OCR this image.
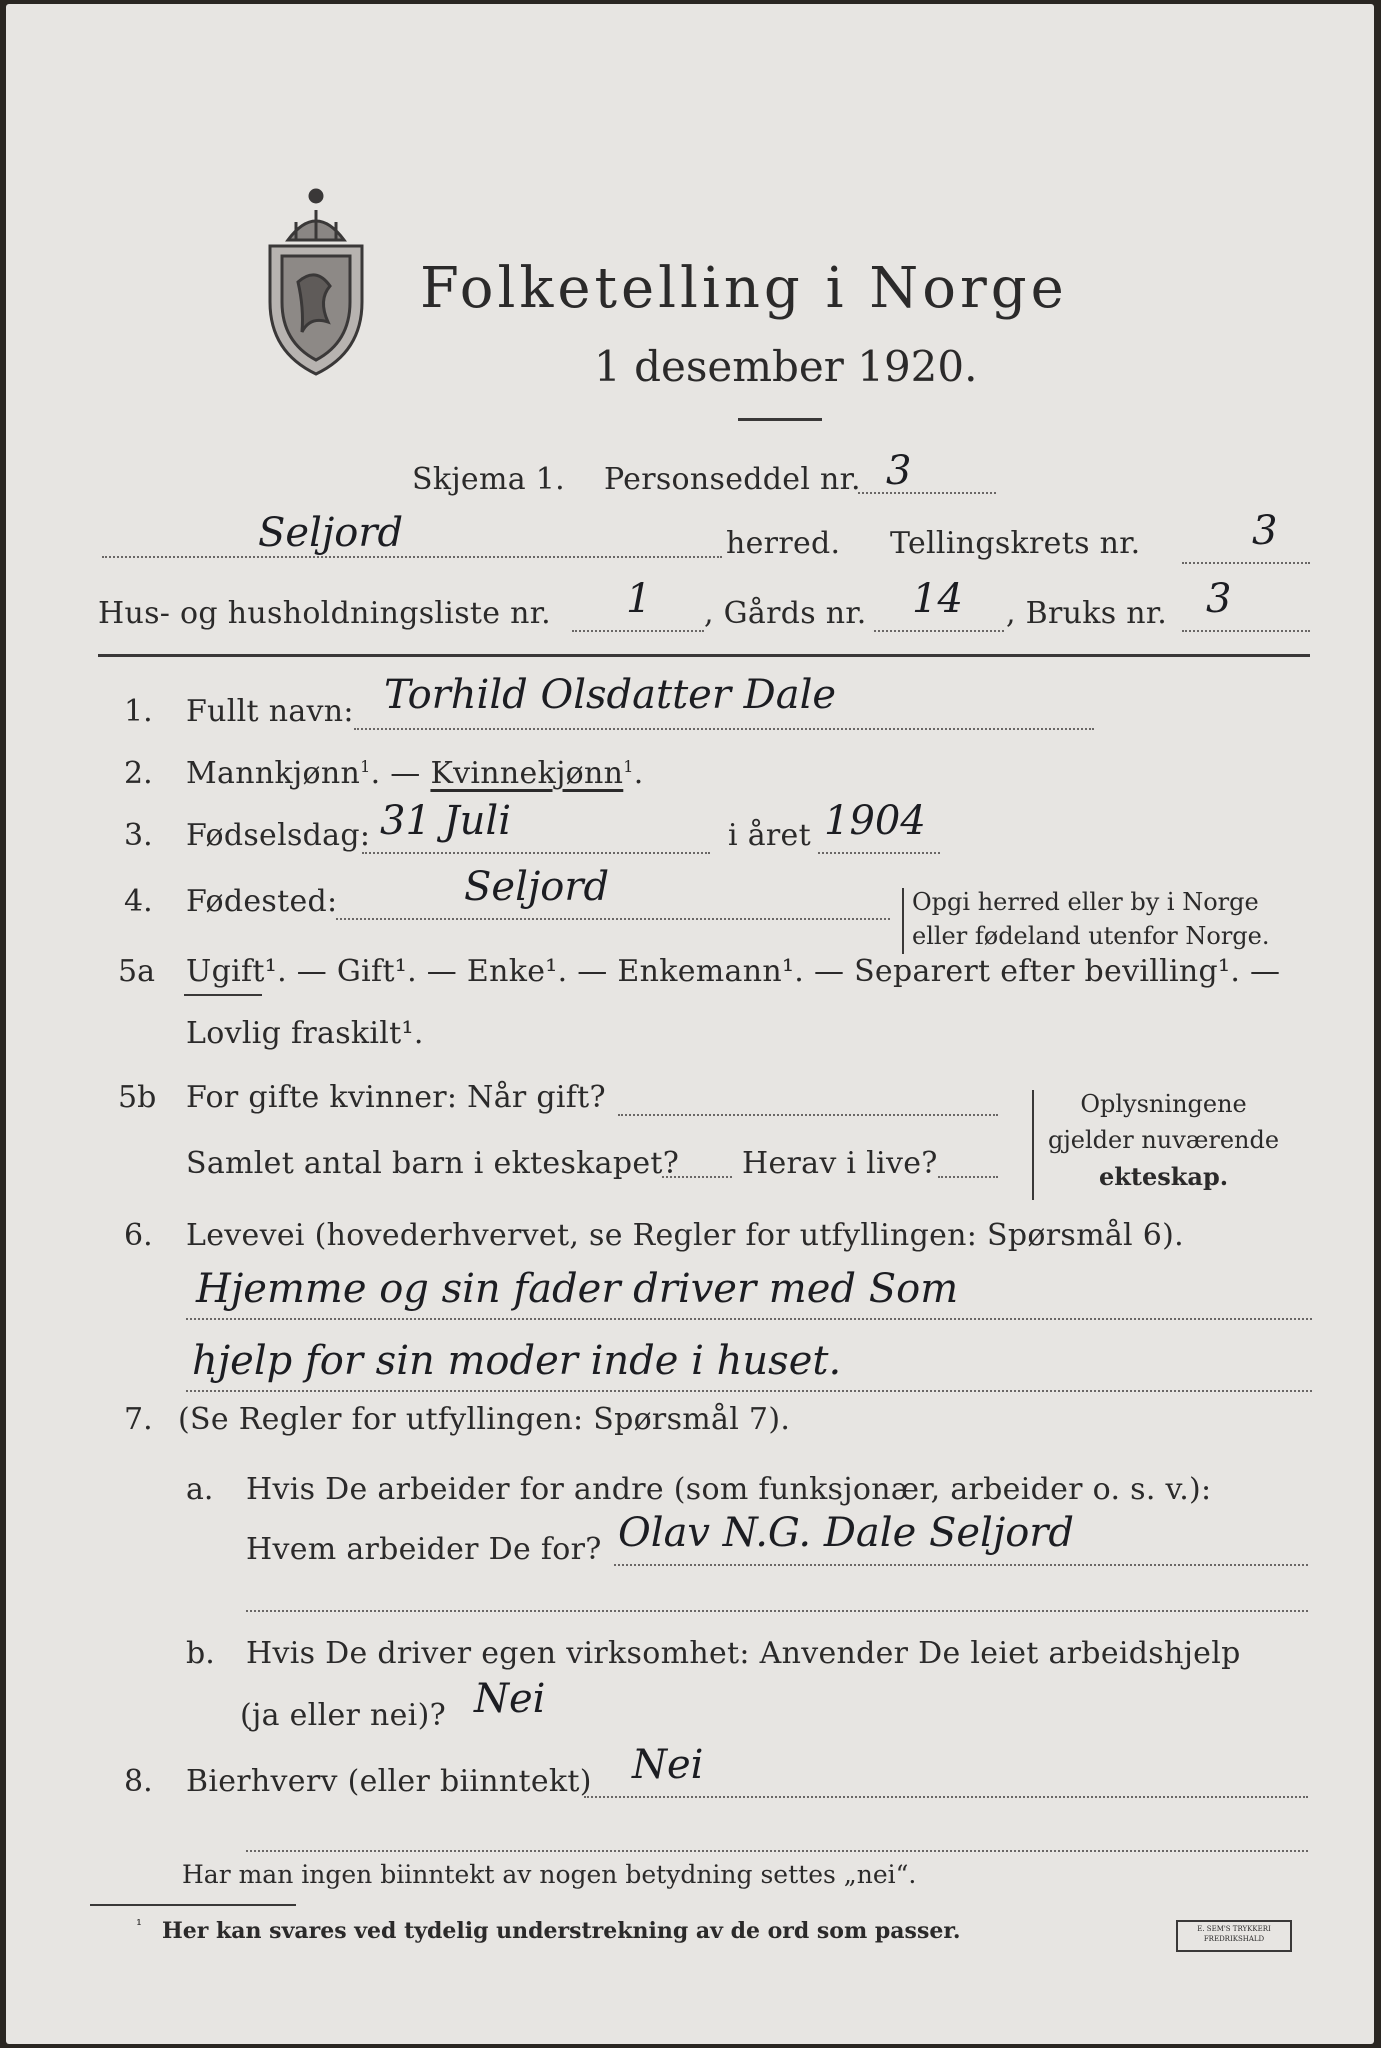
Folketelling i Norge
1 desember 1920.
Skjema 1. Personseddel nr. 3
Seljord	herred. Tellingskrets nr.	3
Hus- og husholdningsliste nr. 1 , Gårds nr. 14 , Bruks nr. 3
1. Fullt navn: Torhild Olsdatter Dale
2. Mannkjønn$^1$. — Kvinnekjønn$^1$.
3. Fødselsdag: 31 Juli	i året 1904
4. Fødested:	Seljord	Opgi herred eller by i Norge
eller fødeland utenfor Norge.
5a Ugift¹. — Gift¹. — Enke¹. — Enkemann¹. — Separert efter bevilling¹. —
Lovlig fraskilt¹.
5b For gifte kvinner: Når gift?
Samlet antal barn i ekteskapet? Herav i live?
Oplysningene
gjelder nuværende
ekteskap.
6. Levevei (hovederhvervet, se Regler for utfyllingen: Spørsmål 6).
Hjemme og sin fader driver med Som
hjelp for sin moder inde i huset.
7. (Se Regler for utfyllingen: Spørsmål 7).
a. Hvis De arbeider for andre (som funksjonær, arbeider o. s. v.):
Hvem arbeider De for? Olav N.G. Dale Seljord
b. Hvis De driver egen virksomhet: Anvender De leiet arbeidshjelp
(ja eller nei)? Nei
8. Bierhverv (eller biinntekt) Nei
Har man ingen biinntekt av nogen betydning settes „nei“.
¹ Her kan svares ved tydelig understrekning av de ord som passer.	E. SEM'S TRYKKERI FREDRIKSHALD
